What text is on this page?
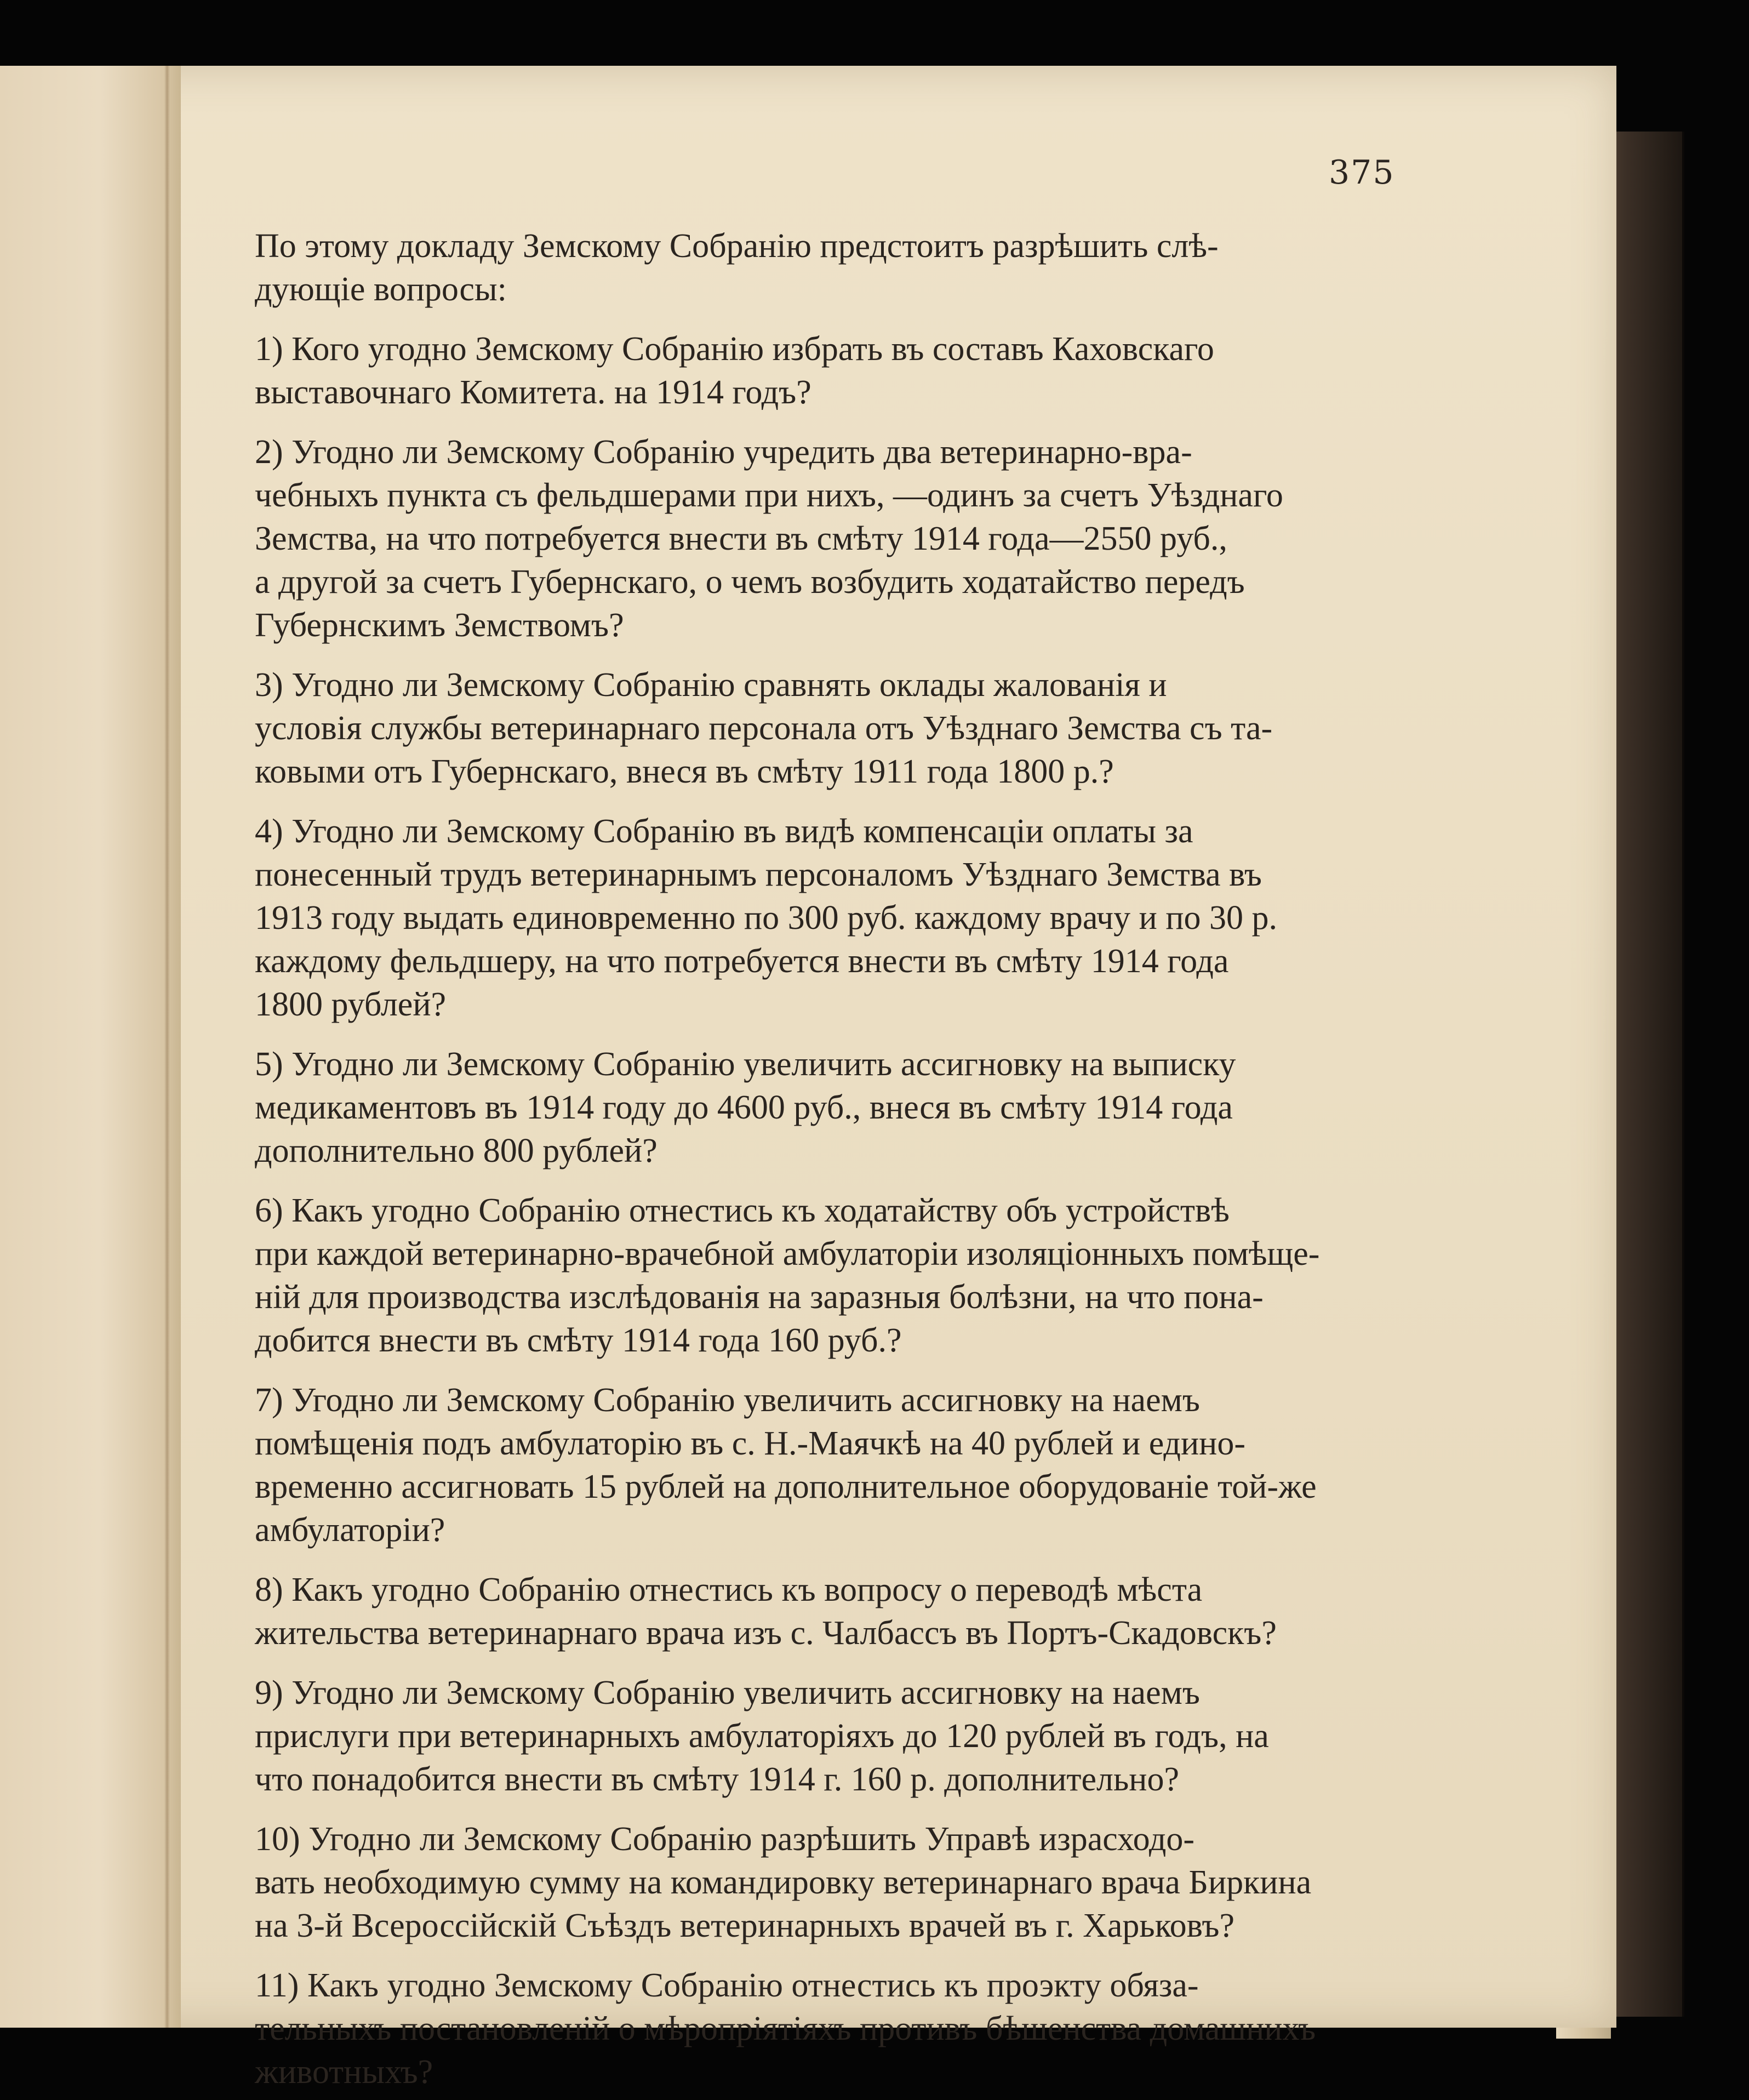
375

По этому докладу Земскому Собранію предстоитъ разрѣшить слѣ-
дующіе вопросы:

1) Кого угодно Земскому Собранію избрать въ составъ Каховскаго
выставочнаго Комитета. на 1914 годъ?

2) Угодно ли Земскому Собранію учредить два ветеринарно-вра-
чебныхъ пункта съ фельдшерами при нихъ, —одинъ за счетъ Уѣзднаго
Земства, на что потребуется внести въ смѣту 1914 года—2550 руб.,
а другой за счетъ Губернскаго, о чемъ возбудить ходатайство передъ
Губернскимъ Земствомъ?

3) Угодно ли Земскому Собранію сравнять оклады жалованія и
условія службы ветеринарнаго персонала отъ Уѣзднаго Земства съ та-
ковыми отъ Губернскаго, внеся въ смѣту 1911 года 1800 р.?

4) Угодно ли Земскому Собранію въ видѣ компенсаціи оплаты за
понесенный трудъ ветеринарнымъ персоналомъ Уѣзднаго Земства въ
1913 году выдать единовременно по 300 руб. каждому врачу и по 30 р.
каждому фельдшеру, на что потребуется внести въ смѣту 1914 года
1800 рублей?

5) Угодно ли Земскому Собранію увеличить ассигновку на выписку
медикаментовъ въ 1914 году до 4600 руб., внеся въ смѣту 1914 года
дополнительно 800 рублей?

6) Какъ угодно Собранію отнестись къ ходатайству объ устройствѣ
при каждой ветеринарно-врачебной амбулаторіи изоляціонныхъ помѣще-
ній для производства изслѣдованія на заразныя болѣзни, на что пона-
добится внести въ смѣту 1914 года 160 руб.?

7) Угодно ли Земскому Собранію увеличить ассигновку на наемъ
помѣщенія подъ амбулаторію въ с. Н.-Маячкѣ на 40 рублей и едино-
временно ассигновать 15 рублей на дополнительное оборудованіе той-же
амбулаторіи?

8) Какъ угодно Собранію отнестись къ вопросу о переводѣ мѣста
жительства ветеринарнаго врача изъ с. Чалбассъ въ Портъ-Скадовскъ?

9) Угодно ли Земскому Собранію увеличить ассигновку на наемъ
прислуги при ветеринарныхъ амбулаторіяхъ до 120 рублей въ годъ, на
что понадобится внести въ смѣту 1914 г. 160 р. дополнительно?

10) Угодно ли Земскому Собранію разрѣшить Управѣ израсходо-
вать необходимую сумму на командировку ветеринарнаго врача Биркина
на 3-й Всероссійскій Съѣздъ ветеринарныхъ врачей въ г. Харьковъ?

11) Какъ угодно Земскому Собранію отнестись къ проэкту обяза-
тельныхъ постановленій о мѣропріятіяхъ противъ бѣшенства домашнихъ
животныхъ?
